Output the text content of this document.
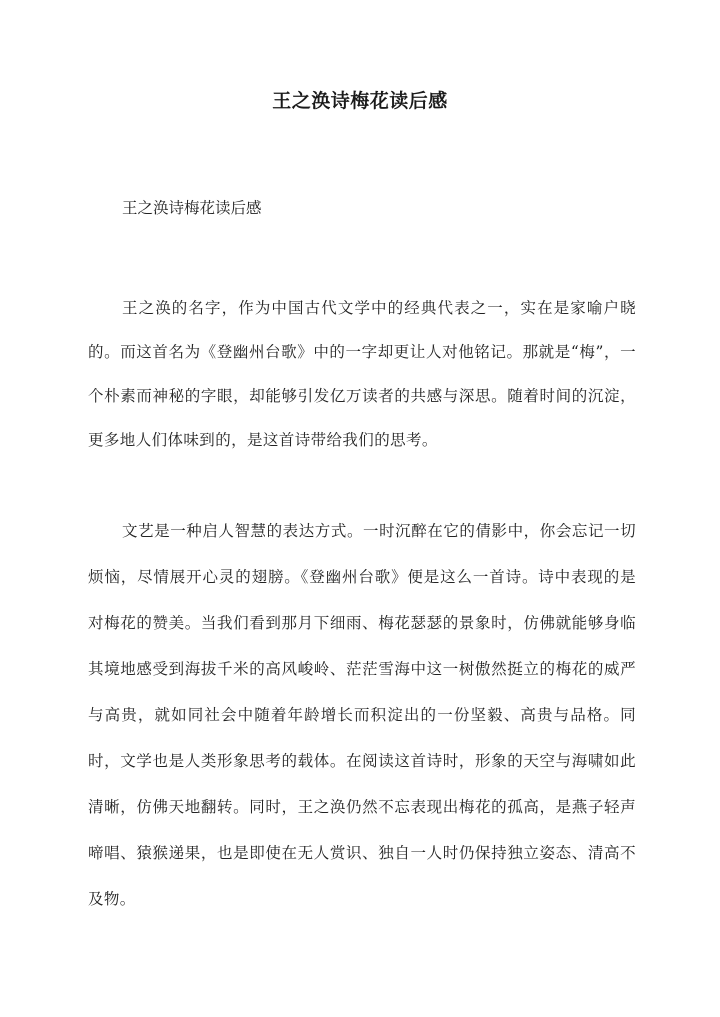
王之涣诗梅花读后感
王之涣诗梅花读后感

王之涣的名字，作为中国古代文学中的经典代表之一，实在是家喻户晓的。而这首名为《登幽州台歌》中的一字却更让人对他铭记。那就是“梅”，一个朴素而神秘的字眼，却能够引发亿万读者的共感与深思。随着时间的沉淀，更多地人们体味到的，是这首诗带给我们的思考。

文艺是一种启人智慧的表达方式。一时沉醉在它的倩影中，你会忘记一切烦恼，尽情展开心灵的翅膀。《登幽州台歌》便是这么一首诗。诗中表现的是对梅花的赞美。当我们看到那月下细雨、梅花瑟瑟的景象时，仿佛就能够身临其境地感受到海拔千米的高风峻岭、茫茫雪海中这一树傲然挺立的梅花的威严与高贵，就如同社会中随着年龄增长而积淀出的一份坚毅、高贵与品格。同时，文学也是人类形象思考的载体。在阅读这首诗时，形象的天空与海啸如此清晰，仿佛天地翻转。同时，王之涣仍然不忘表现出梅花的孤高，是燕子轻声啼唱、猿猴递果，也是即使在无人赏识、独自一人时仍保持独立姿态、清高不及物。
